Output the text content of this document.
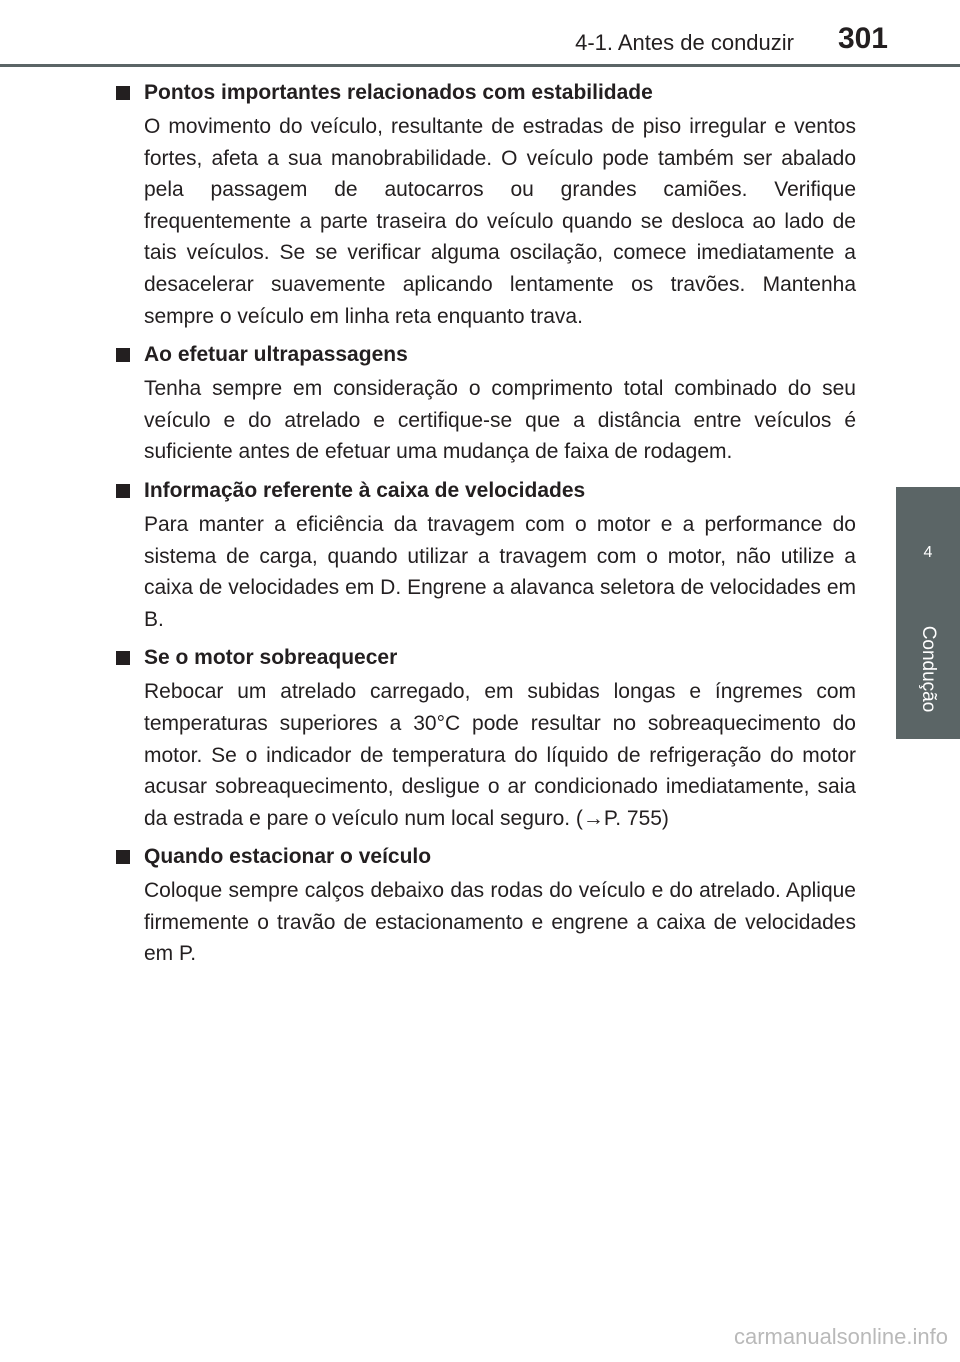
4-1. Antes de conduzir 301
4
Condução
Pontos importantes relacionados com estabilidade

O movimento do veículo, resultante de estradas de piso irregular e ventos fortes, afeta a sua manobrabilidade. O veículo pode também ser abalado pela passagem de autocarros ou grandes camiões. Verifique frequentemente a parte traseira do veículo quando se desloca ao lado de tais veículos. Se se verificar alguma oscilação, comece imediatamente a desacelerar suavemente aplicando lentamente os travões. Mantenha sempre o veículo em linha reta enquanto trava.

Ao efetuar ultrapassagens

Tenha sempre em consideração o comprimento total combinado do seu veículo e do atrelado e certifique-se que a distância entre veículos é suficiente antes de efetuar uma mudança de faixa de rodagem.

Informação referente à caixa de velocidades

Para manter a eficiência da travagem com o motor e a performance do sistema de carga, quando utilizar a travagem com o motor, não utilize a caixa de velocidades em D. Engrene a alavanca seletora de velocidades em B.

Se o motor sobreaquecer

Rebocar um atrelado carregado, em subidas longas e íngremes com temperaturas superiores a 30°C pode resultar no sobreaquecimento do motor. Se o indicador de temperatura do líquido de refrigeração do motor acusar sobreaquecimento, desligue o ar condicionado imediatamente, saia da estrada e pare o veículo num local seguro. (→P. 755)

Quando estacionar o veículo

Coloque sempre calços debaixo das rodas do veículo e do atrelado. Aplique firmemente o travão de estacionamento e engrene a caixa de velocidades em P.

carmanualsonline.info
